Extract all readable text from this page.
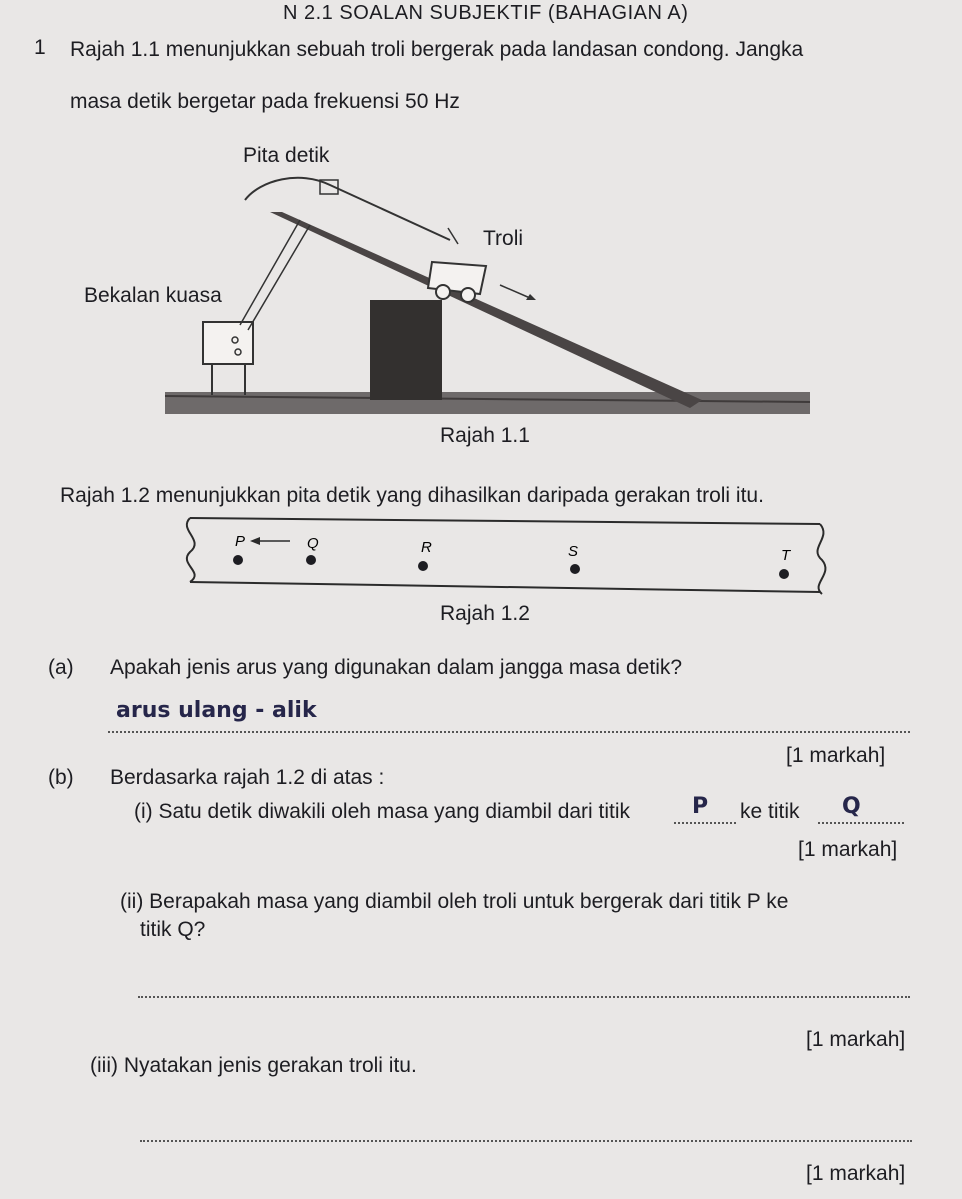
N 2.1 SOALAN SUBJEKTIF (BAHAGIAN A)
1 Rajah 1.1 menunjukkan sebuah troli bergerak pada landasan condong. Jangka
masa detik bergetar pada frekuensi 50 Hz
Pita detik
Troli
Bekalan kuasa
Rajah 1.1
Rajah 1.2 menunjukkan pita detik yang dihasilkan daripada gerakan troli itu.
P	Q	R	S	T
Rajah 1.2
(a) Apakah jenis arus yang digunakan dalam jangga masa detik?
arus ulang - alik
[1 markah]
(b) Berdasarka rajah 1.2 di atas :
(i) Satu detik diwakili oleh masa yang diambil dari titik	P ke titik Q
[1 markah]
(ii) Berapakah masa yang diambil oleh troli untuk bergerak dari titik P ke
titik Q?
[1 markah]
(iii) Nyatakan jenis gerakan troli itu.
[1 markah]
